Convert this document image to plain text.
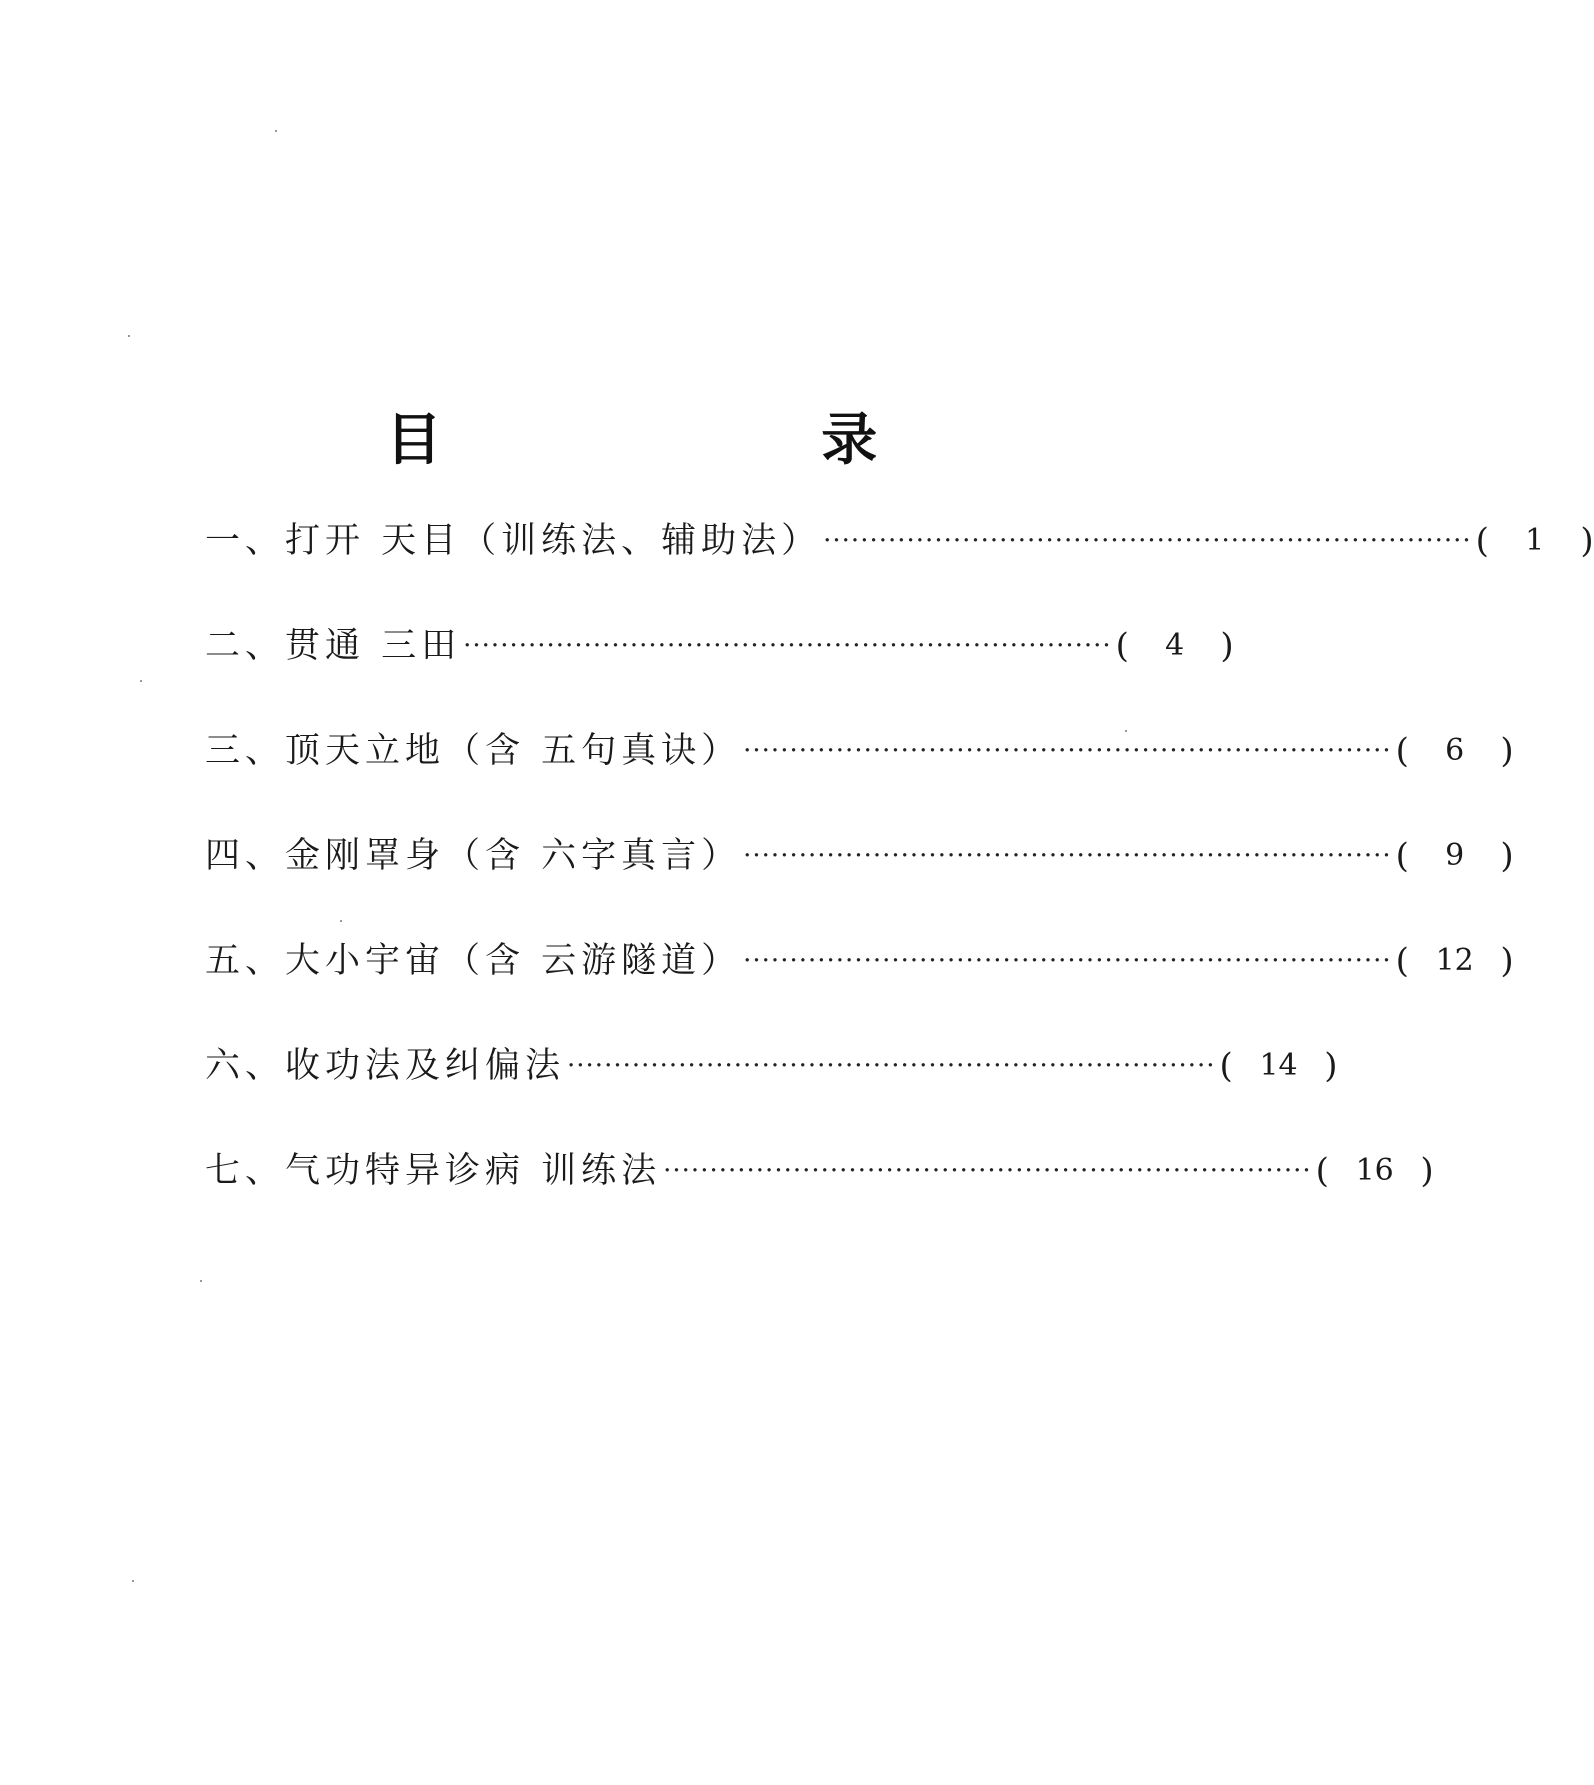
目 录
一、打开 天目（训练法、辅助法） ······································································ (	1	)
二、贯通 三田 ······································································ (	4	)
三、顶天立地（含 五句真诀） ······································································ (	6	)
四、金刚罩身（含 六字真言） ······································································ (	9	)
五、大小宇宙（含 云游隧道） ······································································ ( 12 )
六、收功法及纠偏法 ······································································ ( 14 )
七、气功特异诊病 训练法 ······································································ ( 16 )
